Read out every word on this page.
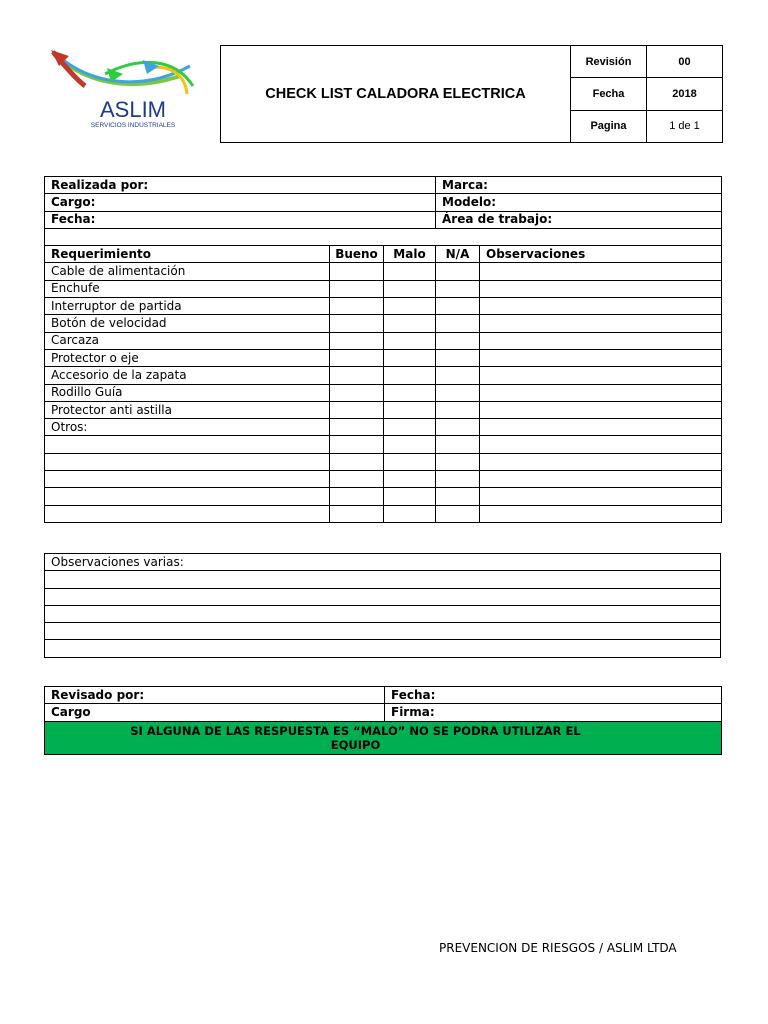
ASLIM
SERVICIOS INDUSTRIALES	CHECK LIST CALADORA ELECTRICA	Revisión	00
		Fecha	2018
		Pagina	1 de 1
Realizada por:			Marca:	
Cargo:			Modelo:	
Fecha:			Área de trabajo:	

Requerimiento	Bueno	Malo	N/A	Observaciones
Cable de alimentación				
Enchufe				
Interruptor de partida				
Botón de velocidad				
Carcaza				
Protector o eje				
Accesorio de la zapata				
Rodillo Guía				
Protector anti astilla				
Otros:				

Observaciones varias:

Revisado por:	Fecha:
Cargo	Firma:

SI ALGUNA DE LAS RESPUESTA ES “MALO” NO SE PODRA UTILIZAR EL
EQUIPO	
PREVENCION DE RIESGOS / ASLIM LTDA
